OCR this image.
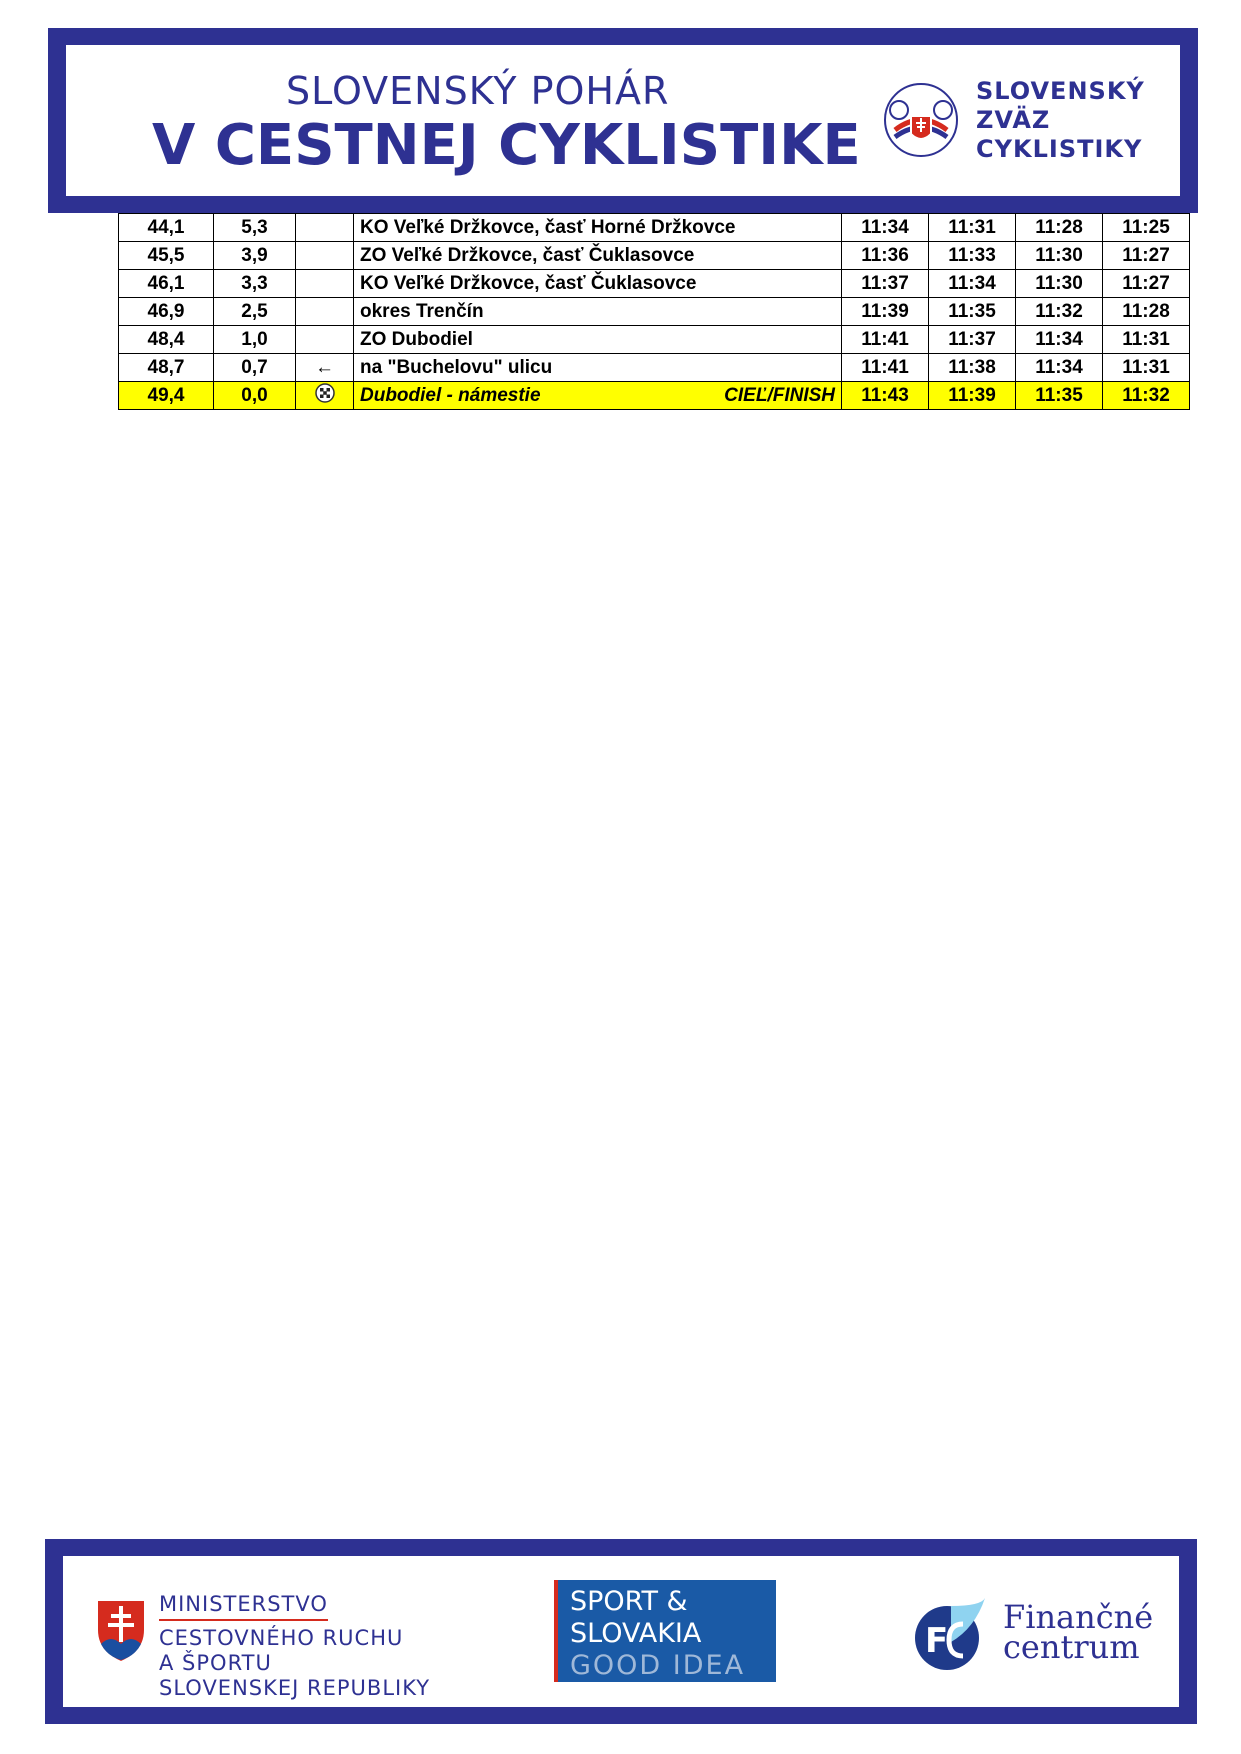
SLOVENSKÝ POHÁR
V CESTNEJ CYKLISTIKE
SLOVENSKÝ
ZVÄZ
CYKLISTIKY
44,1	5,3		KO Veľké Držkovce, časť Horné Držkovce	11:34	11:31	11:28	11:25
45,5	3,9		ZO Veľké Držkovce, časť Čuklasovce	11:36	11:33	11:30	11:27
46,1	3,3		KO Veľké Držkovce, časť Čuklasovce	11:37	11:34	11:30	11:27
46,9	2,5		okres Trenčín	11:39	11:35	11:32	11:28
48,4	1,0		ZO Dubodiel	11:41	11:37	11:34	11:31
48,7	0,7	←	na "Buchelovu" ulicu	11:41	11:38	11:34	11:31
49,4	0,0		Dubodiel - námestie CIEĽ/FINISH	11:43	11:39	11:35	11:32
MINISTERSTVO
CESTOVNÉHO RUCHU
A ŠPORTU
SLOVENSKEJ REPUBLIKY
SPORT &
SLOVAKIA
GOOD IDEA
F
Finančné
centrum
